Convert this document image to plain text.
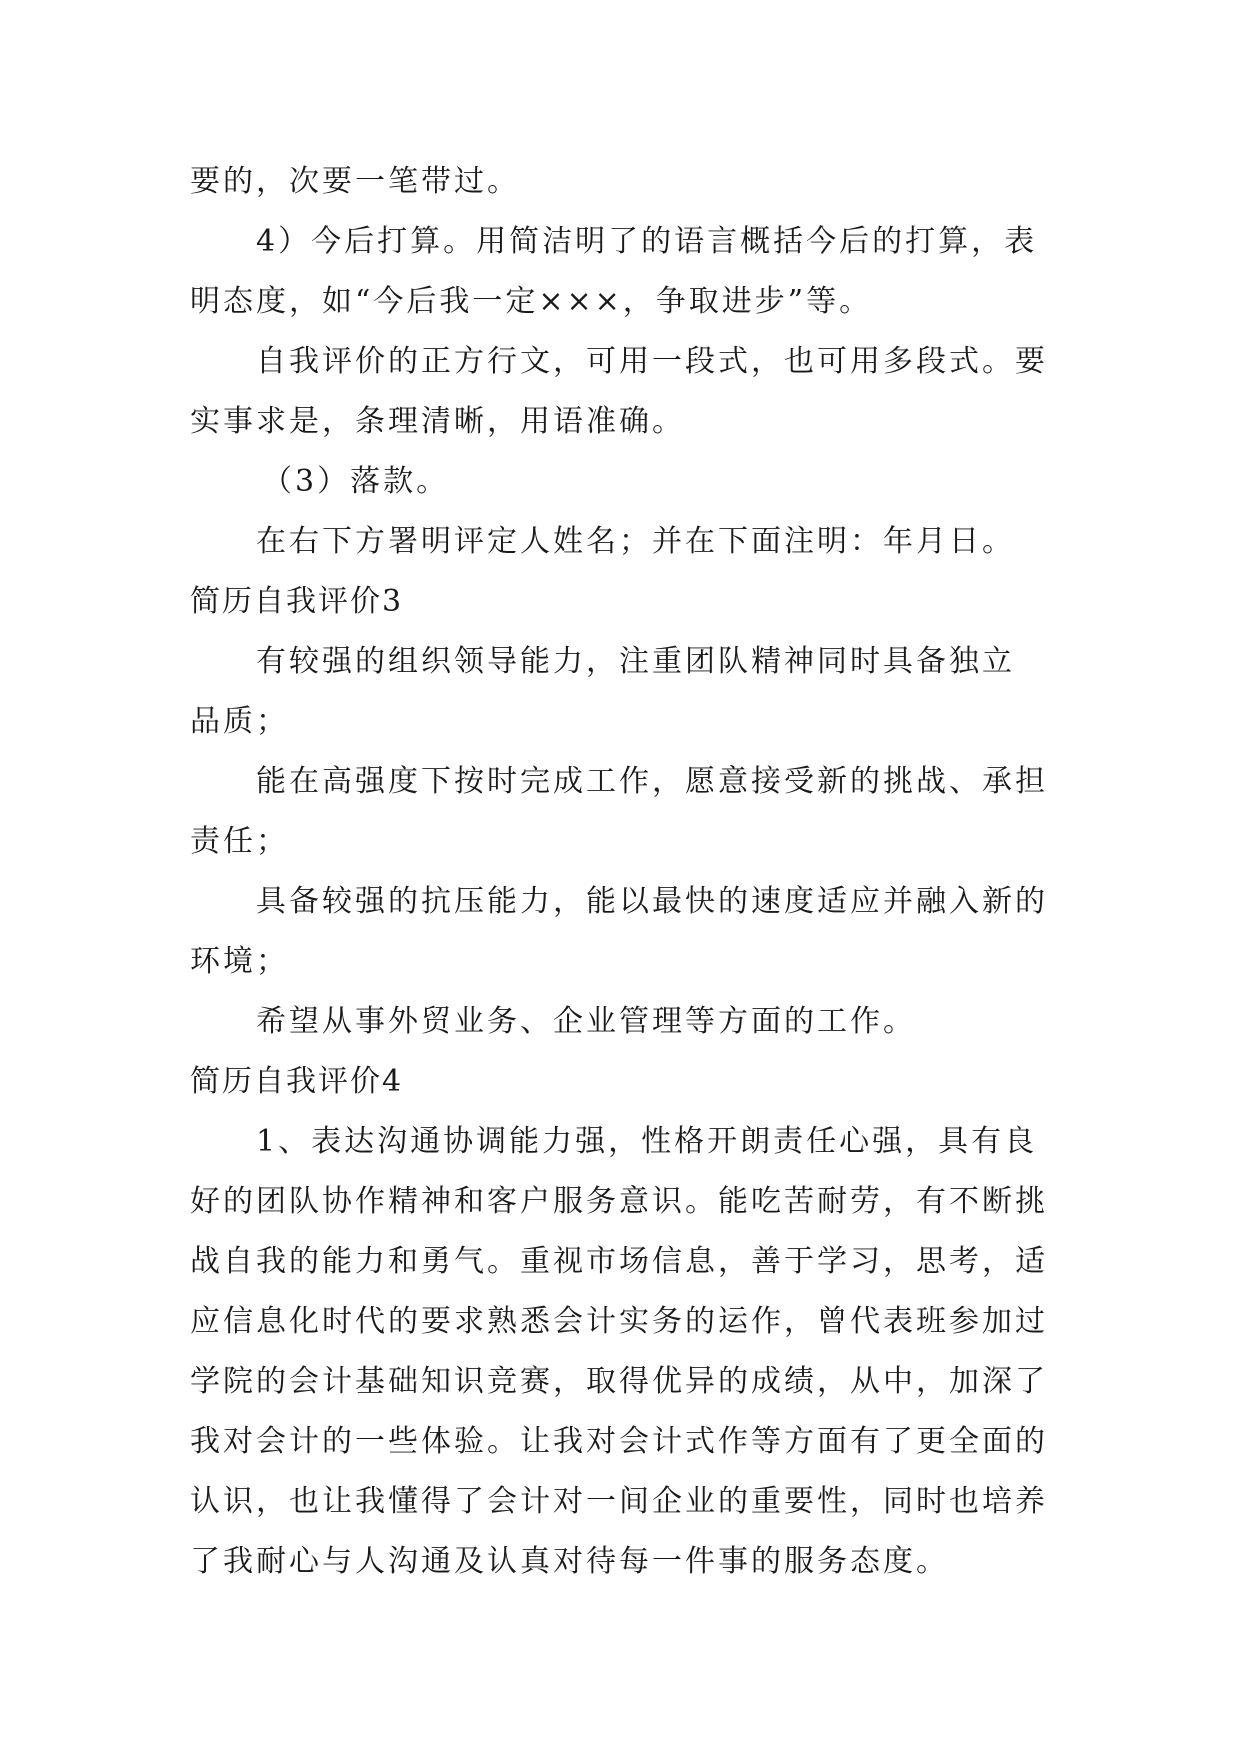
要的，次要一笔带过。
4）今后打算。用简洁明了的语言概括今后的打算，表
明态度，如“今后我一定×××，争取进步”等。
自我评价的正方行文，可用一段式，也可用多段式。要
实事求是，条理清晰，用语准确。
（3）落款。
在右下方署明评定人姓名；并在下面注明：年月日。
简历自我评价3
有较强的组织领导能力，注重团队精神同时具备独立
品质；
能在高强度下按时完成工作，愿意接受新的挑战、承担
责任；
具备较强的抗压能力，能以最快的速度适应并融入新的
环境；
希望从事外贸业务、企业管理等方面的工作。
简历自我评价4
1、表达沟通协调能力强，性格开朗责任心强，具有良
好的团队协作精神和客户服务意识。能吃苦耐劳，有不断挑
战自我的能力和勇气。重视市场信息，善于学习，思考，适
应信息化时代的要求熟悉会计实务的运作，曾代表班参加过
学院的会计基础知识竞赛，取得优异的成绩，从中，加深了
我对会计的一些体验。让我对会计式作等方面有了更全面的
认识，也让我懂得了会计对一间企业的重要性，同时也培养
了我耐心与人沟通及认真对待每一件事的服务态度。
